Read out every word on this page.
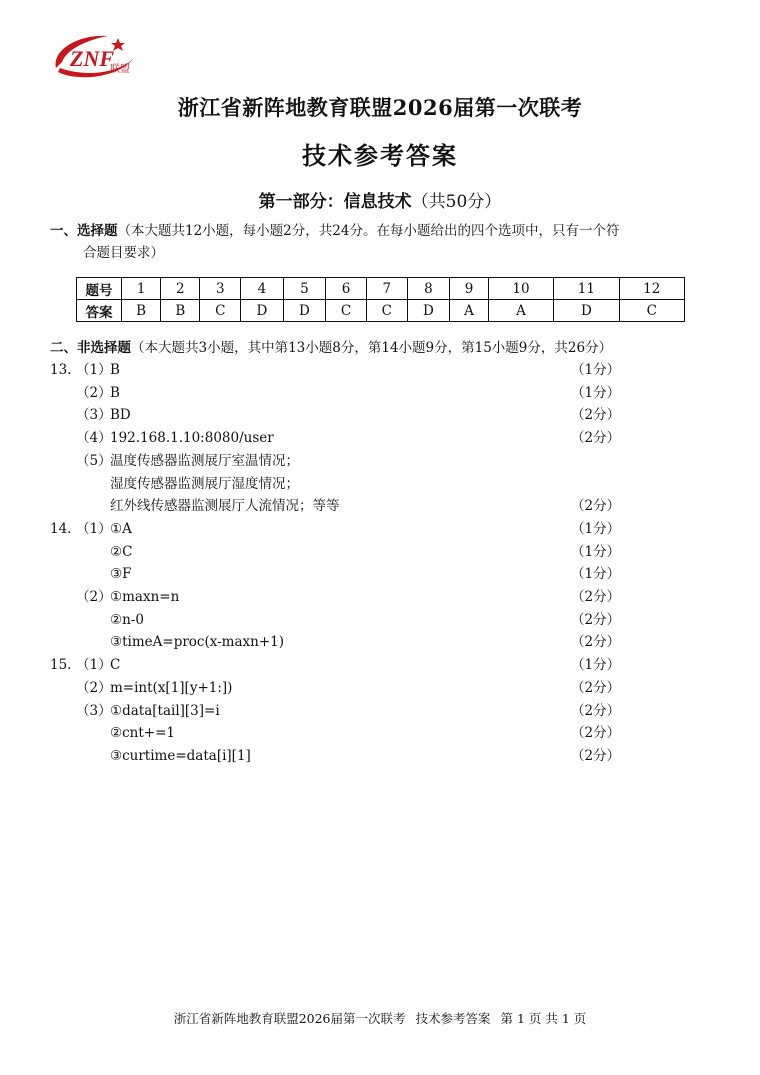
ZNF
联盟
浙江省新阵地教育联盟2026届第一次联考
技术参考答案
第一部分：信息技术（共50分）
一、选择题（本大题共12小题，每小题2分，共24分。在每小题给出的四个选项中，只有一个符
合题目要求）
题号	1	2	3	4	5	6	7	8	9	10	11	12
答案	B	B	C	D	D	C	C	D	A	A	D	C
二、非选择题（本大题共3小题，其中第13小题8分，第14小题9分，第15小题9分，共26分）
13. （1）
B	（1分）
（2）
B	（1分）
（3）
BD	（2分）
（4）
192.168.1.10:8080/user	（2分）
（5）
温度传感器监测展厅室温情况；
湿度传感器监测展厅湿度情况；
红外线传感器监测展厅人流情况；等等	（2分）
14. （1）
①A	（1分）
②C	（1分）
③F	（1分）
（2）
①maxn=n	（2分）
②n-0	（2分）
③timeA=proc(x-maxn+1)	（2分）
15. （1）
C	（1分）
（2）
m=int(x[1][y+1:])	（2分）
（3）
①data[tail][3]=i	（2分）
②cnt+=1	（2分）
③curtime=data[i][1]	（2分）
浙江省新阵地教育联盟2026届第一次联考 技术参考答案 第 1 页 共 1 页
